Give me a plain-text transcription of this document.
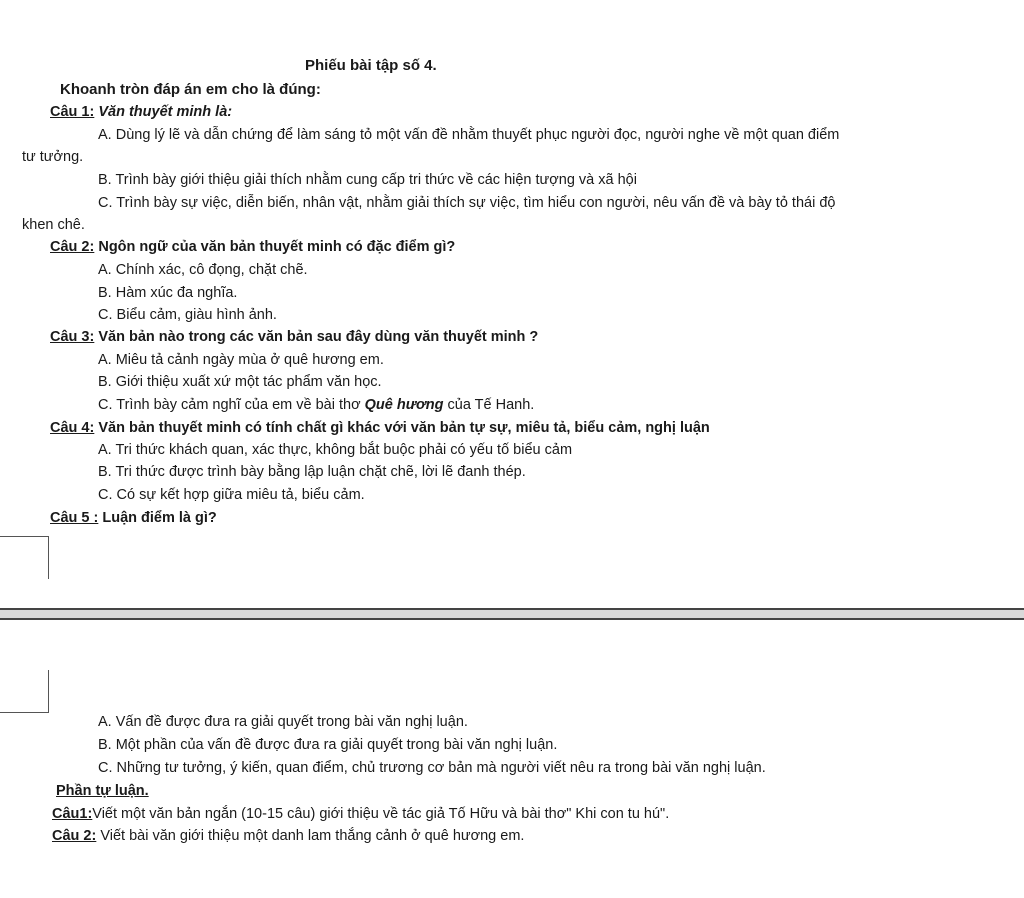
Phiếu bài tập số 4.
Khoanh tròn đáp án em cho là đúng:
Câu 1: Văn thuyết minh là:
A. Dùng lý lẽ và dẫn chứng để làm sáng tỏ một vấn đề nhằm thuyết phục người đọc, người nghe về một quan điểm
tư tưởng.
B. Trình bày giới thiệu giải thích nhằm cung cấp tri thức về các hiện tượng và xã hội
C. Trình bày sự việc, diễn biến, nhân vật, nhằm giải thích sự việc, tìm hiểu con người, nêu vấn đề và bày tỏ thái độ
khen chê.
Câu 2: Ngôn ngữ của văn bản thuyết minh có đặc điểm gì?
A. Chính xác, cô đọng, chặt chẽ.
B. Hàm xúc đa nghĩa.
C. Biểu cảm, giàu hình ảnh.
Câu 3: Văn bản nào trong các văn bản sau đây dùng văn thuyết minh ?
A. Miêu tả cảnh ngày mùa ở quê hương em.
B. Giới thiệu xuất xứ một tác phẩm văn học.
C. Trình bày cảm nghĩ của em về bài thơ Quê hương của Tế Hanh.
Câu 4: Văn bản thuyết minh có tính chất gì khác với văn bản tự sự, miêu tả, biểu cảm, nghị luận
A. Tri thức khách quan, xác thực, không bắt buộc phải có yếu tố biểu cảm
B. Tri thức được trình bày bằng lập luận chặt chẽ, lời lẽ đanh thép.
C. Có sự kết hợp giữa miêu tả, biểu cảm.
Câu 5 : Luận điểm là gì?
A. Vấn đề được đưa ra giải quyết trong bài văn nghị luận.
B. Một phần của vấn đề được đưa ra giải quyết trong bài văn nghị luận.
C. Những tư tưởng, ý kiến, quan điểm, chủ trương cơ bản mà người viết nêu ra trong bài văn nghị luận.
Phần tự luận.
Câu1:Viết một văn bản ngắn (10-15 câu) giới thiệu về tác giả Tố Hữu và bài thơ" Khi con tu hú".
Câu 2: Viết bài văn giới thiệu một danh lam thắng cảnh ở quê hương em.
